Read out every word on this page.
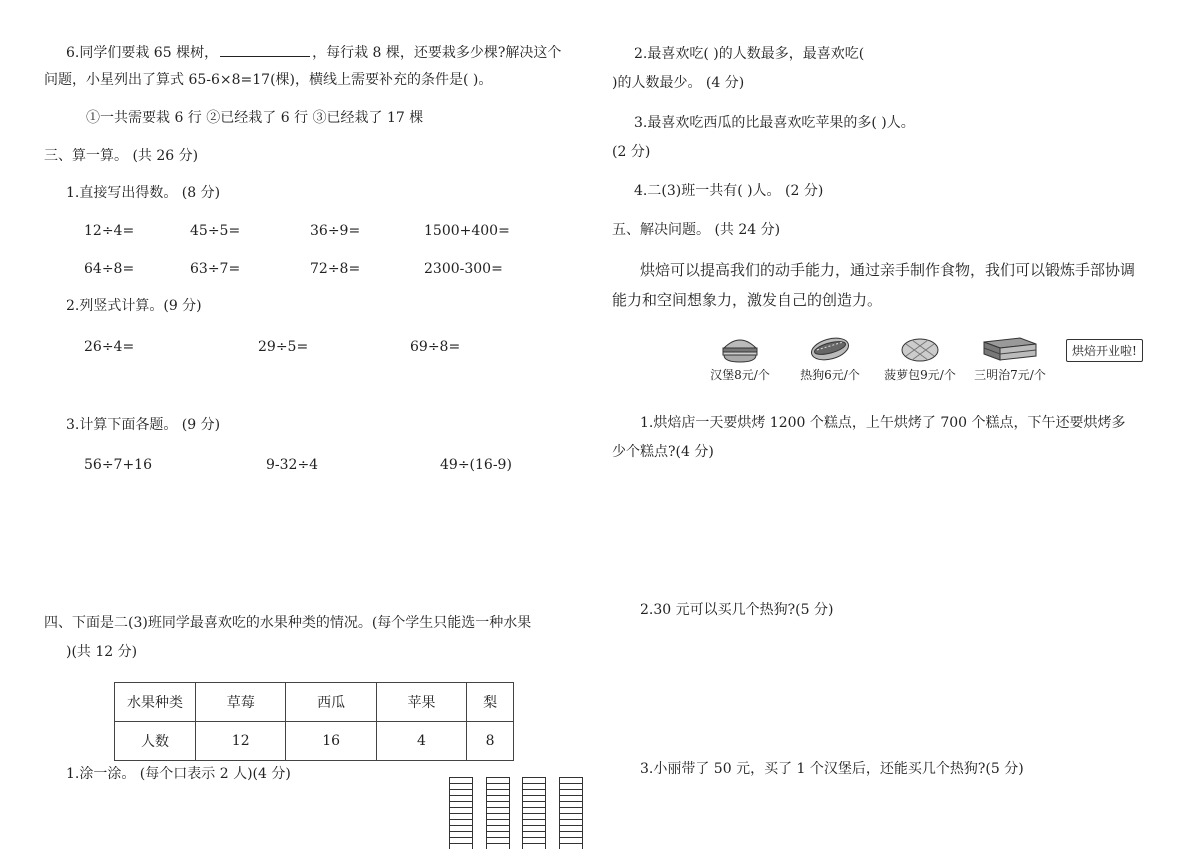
6.同学们要栽 65 棵树，	，每行栽 8 棵，还要栽多少棵?解决这个
问题，小星列出了算式 65-6×8=17(棵)，横线上需要补充的条件是( )。
①一共需要栽 6 行 ②已经栽了 6 行 ③已经栽了 17 棵
三、算一算。 (共 26 分)
1.直接写出得数。 (8 分)
12÷4=	45÷5=	36÷9=	1500+400=
64÷8=	63÷7=	72÷8=	2300-300=
2.列竖式计算。(9 分)
26÷4=	29÷5=	69÷8=
3.计算下面各题。 (9 分)
56÷7+16	9-32÷4	49÷(16-9)
四、下面是二(3)班同学最喜欢吃的水果种类的情况。(每个学生只能选一种水果
)(共 12 分)
水果种类	草莓	西瓜	苹果	梨
人数	12	16	4	8
1.涂一涂。 (每个口表示 2 人)(4 分)
2.最喜欢吃( )的人数最多，最喜欢吃(
)的人数最少。 (4 分)
3.最喜欢吃西瓜的比最喜欢吃苹果的多( )人。
(2 分)
4.二(3)班一共有( )人。 (2 分)
五、解决问题。 (共 24 分)
烘焙可以提高我们的动手能力，通过亲手制作食物，我们可以锻炼手部协调
能力和空间想象力，激发自己的创造力。
汉堡8元/个	热狗6元/个	菠萝包9元/个	三明治7元/个
烘焙开业啦!
1.烘焙店一天要烘烤 1200 个糕点，上午烘烤了 700 个糕点，下午还要烘烤多
少个糕点?(4 分)
2.30 元可以买几个热狗?(5 分)
3.小丽带了 50 元，买了 1 个汉堡后，还能买几个热狗?(5 分)
